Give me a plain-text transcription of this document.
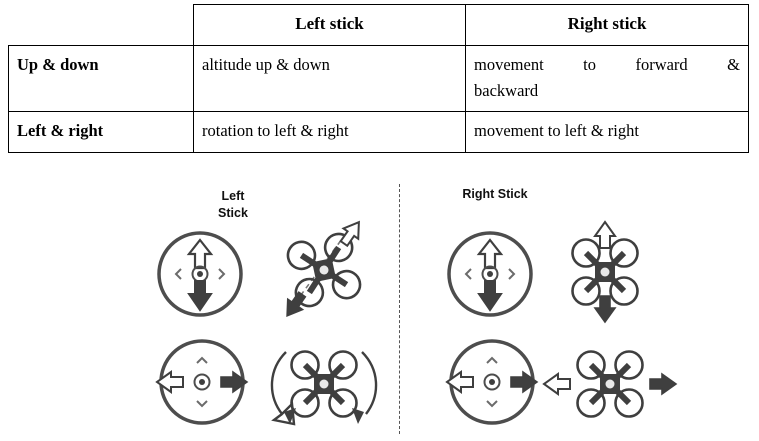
	Left stick	Right stick
Up & down	altitude up & down	movement to forward &
backward

Left & right	rotation to left & right	movement to left & right
Left
Stick
Right Stick
